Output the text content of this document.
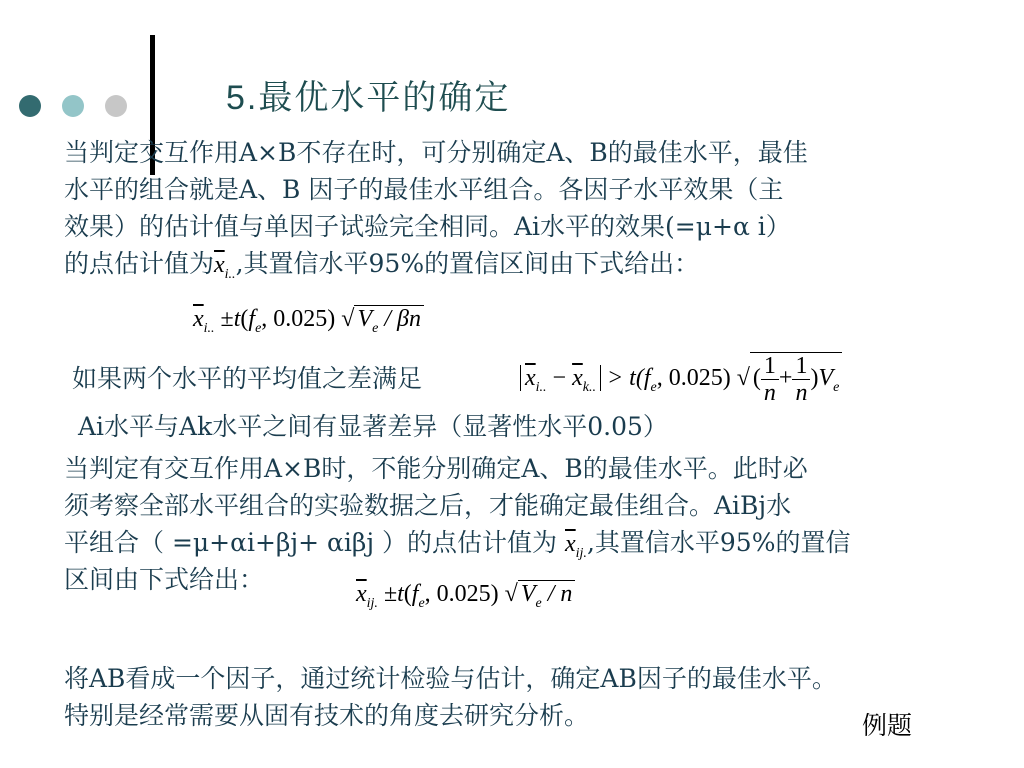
5.最优水平的确定
当判定交互作用A×B不存在时，可分别确定A、B的最佳水平，最佳
水平的组合就是A、B 因子的最佳水平组合。各因子水平效果（主
效果）的估计值与单因子试验完全相同。Ai水平的效果(=μ+α i）
的点估计值为$\overline{x}_{i..}$,其置信水平95%的置信区间由下式给出：
$\overline{x}_{i..} \pm t(f_e$, 0.025) √ $V_e$ / βn
如果两个水平的平均值之差满足	$\overline{x}_{i..} - \overline{x}_{k..} > t(f_e$, 0.025) √ ( $\frac{1}{n} + \frac{1}{n} )V_e$
Ai水平与Ak水平之间有显著差异（显著性水平0.05）
当判定有交互作用A×B时，不能分别确定A、B的最佳水平。此时必
须考察全部水平组合的实验数据之后，才能确定最佳组合。AiBj水
平组合（ =μ+αi+βj+ αiβj ）的点估计值为 $\overline{x}_{ij.}$,其置信水平95%的置信
区间由下式给出：	$\overline{x}_{ij.} \pm t(f_e$, 0.025) √ $V_e$ / n
将AB看成一个因子，通过统计检验与估计，确定AB因子的最佳水平。
特别是经常需要从固有技术的角度去研究分析。	例题
